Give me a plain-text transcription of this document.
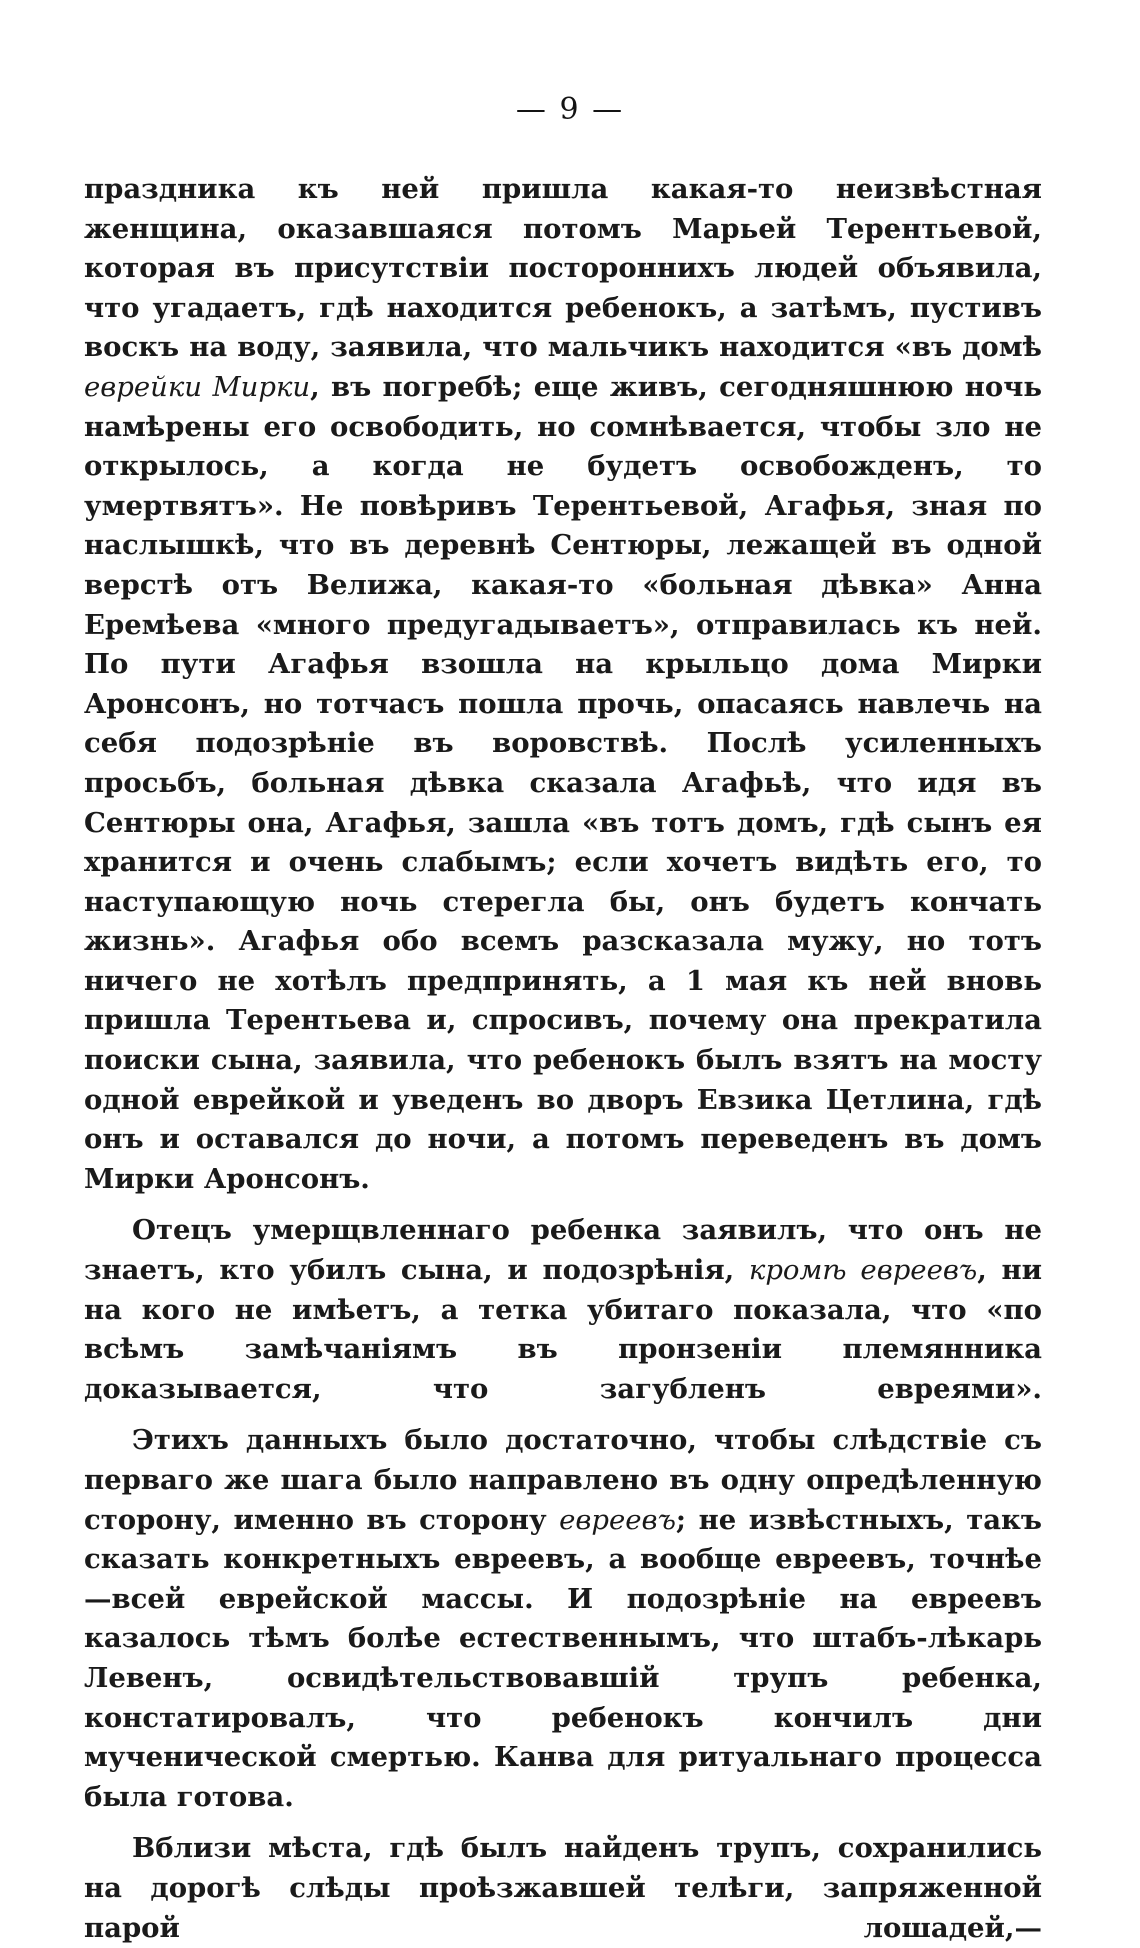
— 9 —

праздника къ ней пришла какая-то неизвѣстная женщина, оказавшаяся потомъ Марьей Терентьевой, которая въ присутствіи постороннихъ людей объявила, что угадаетъ, гдѣ находится ребенокъ, а затѣмъ, пустивъ воскъ на воду, заявила, что мальчикъ находится «въ домѣ еврейки Мирки, въ погребѣ; еще живъ, сегодняшнюю ночь намѣрены его освободить, но сомнѣвается, чтобы зло не открылось, а когда не будетъ освобожденъ, то умертвятъ». Не повѣривъ Терентьевой, Агафья, зная по наслышкѣ, что въ деревнѣ Сентюры, лежащей въ одной верстѣ отъ Велижа, какая-то «больная дѣвка» Анна Еремѣева «много предугадываетъ», отправилась къ ней. По пути Агафья взошла на крыльцо дома Мирки Аронсонъ, но тотчасъ пошла прочь, опасаясь навлечь на себя подозрѣніе въ воровствѣ. Послѣ усиленныхъ просьбъ, больная дѣвка сказала Агафьѣ, что идя въ Сентюры она, Агафья, зашла «въ тотъ домъ, гдѣ сынъ ея хранится и очень слабымъ; если хочетъ видѣть его, то наступающую ночь стерегла бы, онъ будетъ кончать жизнь». Агафья обо всемъ разсказала мужу, но тотъ ничего не хотѣлъ предпринять, а 1 мая къ ней вновь пришла Терентьева и, спросивъ, почему она прекратила поиски сына, заявила, что ребенокъ былъ взятъ на мосту одной еврейкой и уведенъ во дворъ Евзика Цетлина, гдѣ онъ и оставался до ночи, а потомъ переведенъ въ домъ Мирки Аронсонъ.

Отецъ умерщвленнаго ребенка заявилъ, что онъ не знаетъ, кто убилъ сына, и подозрѣнія, кромѣ евреевъ, ни на кого не имѣетъ, а тетка убитаго показала, что «по всѣмъ замѣчаніямъ въ пронзеніи племянника доказывается, что загубленъ евреями».

Этихъ данныхъ было достаточно, чтобы слѣдствіе съ перваго же шага было направлено въ одну опредѣленную сторону, именно въ сторону евреевъ; не извѣстныхъ, такъ сказать конкретныхъ евреевъ, а вообще евреевъ, точнѣе—всей еврейской массы. И подозрѣніе на евреевъ казалось тѣмъ болѣе естественнымъ, что штабъ-лѣкарь Левенъ, освидѣтельствовавшій трупъ ребенка, констатировалъ, что ребенокъ кончилъ дни мученической смертью. Канва для ритуальнаго процесса была готова.

Вблизи мѣста, гдѣ былъ найденъ трупъ, сохранились на дорогѣ слѣды проѣзжавшей телѣги, запряженной парой лошадей,—
